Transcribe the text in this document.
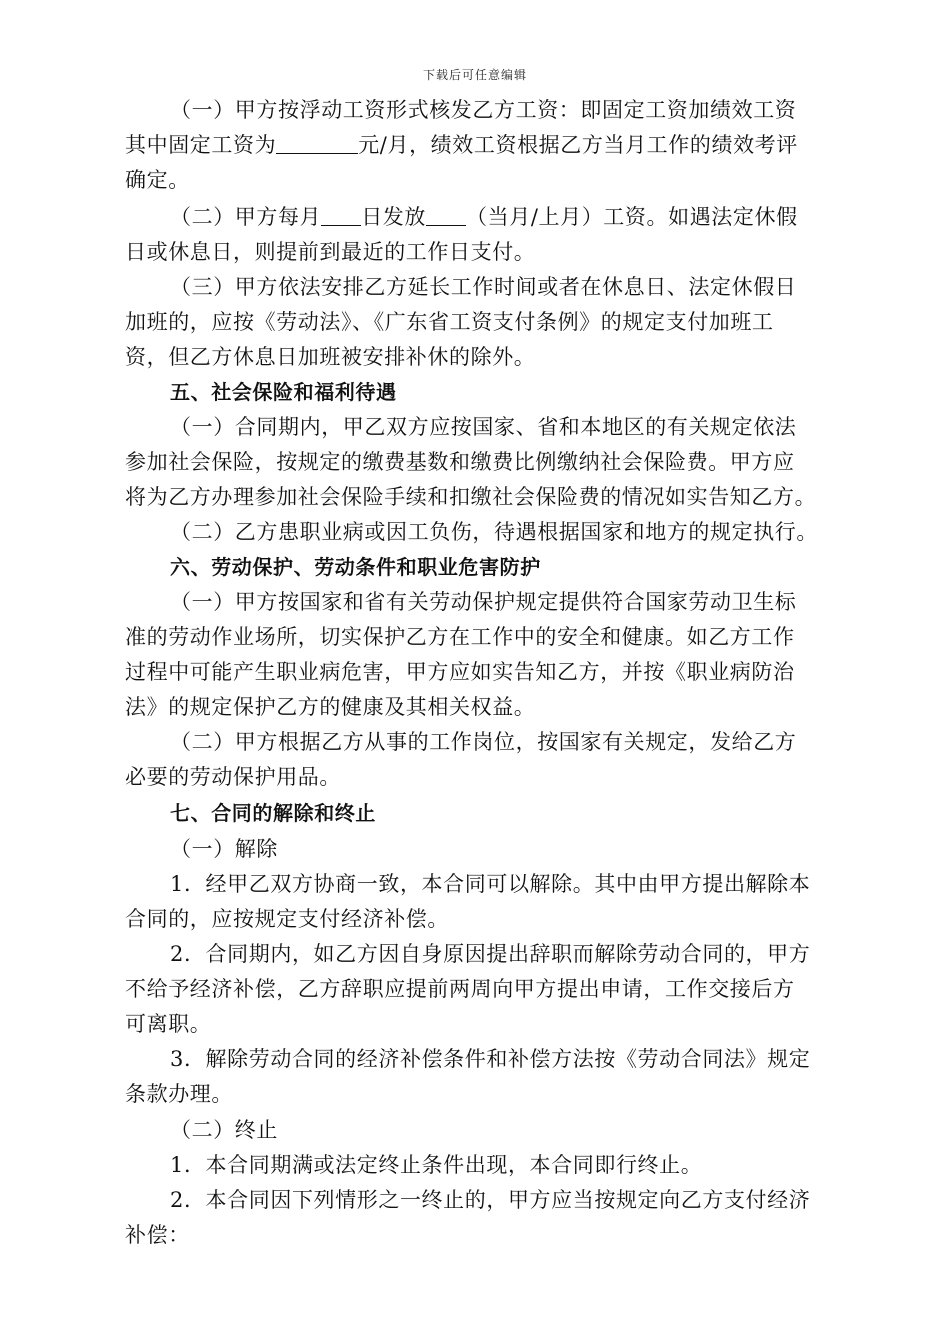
下载后可任意编辑
（一）甲方按浮动工资形式核发乙方工资：即固定工资加绩效工资
其中固定工资为	元/月，绩效工资根据乙方当月工作的绩效考评
确定。
（二）甲方每月 日发放 （当月/上月）工资。如遇法定休假
日或休息日，则提前到最近的工作日支付。
（三）甲方依法安排乙方延长工作时间或者在休息日、法定休假日
加班的，应按《劳动法》、《广东省工资支付条例》的规定支付加班工
资，但乙方休息日加班被安排补休的除外。
五、社会保险和福利待遇
（一）合同期内，甲乙双方应按国家、省和本地区的有关规定依法
参加社会保险，按规定的缴费基数和缴费比例缴纳社会保险费。甲方应
将为乙方办理参加社会保险手续和扣缴社会保险费的情况如实告知乙方。
（二）乙方患职业病或因工负伤，待遇根据国家和地方的规定执行。
六、劳动保护、劳动条件和职业危害防护
（一）甲方按国家和省有关劳动保护规定提供符合国家劳动卫生标
准的劳动作业场所，切实保护乙方在工作中的安全和健康。如乙方工作
过程中可能产生职业病危害，甲方应如实告知乙方，并按《职业病防治
法》的规定保护乙方的健康及其相关权益。
（二）甲方根据乙方从事的工作岗位，按国家有关规定，发给乙方
必要的劳动保护用品。
七、合同的解除和终止
（一）解除
1．经甲乙双方协商一致，本合同可以解除。其中由甲方提出解除本
合同的，应按规定支付经济补偿。
2．合同期内，如乙方因自身原因提出辞职而解除劳动合同的，甲方
不给予经济补偿，乙方辞职应提前两周向甲方提出申请，工作交接后方
可离职。
3．解除劳动合同的经济补偿条件和补偿方法按《劳动合同法》规定
条款办理。
（二）终止
1．本合同期满或法定终止条件出现，本合同即行终止。
2．本合同因下列情形之一终止的，甲方应当按规定向乙方支付经济
补偿：
